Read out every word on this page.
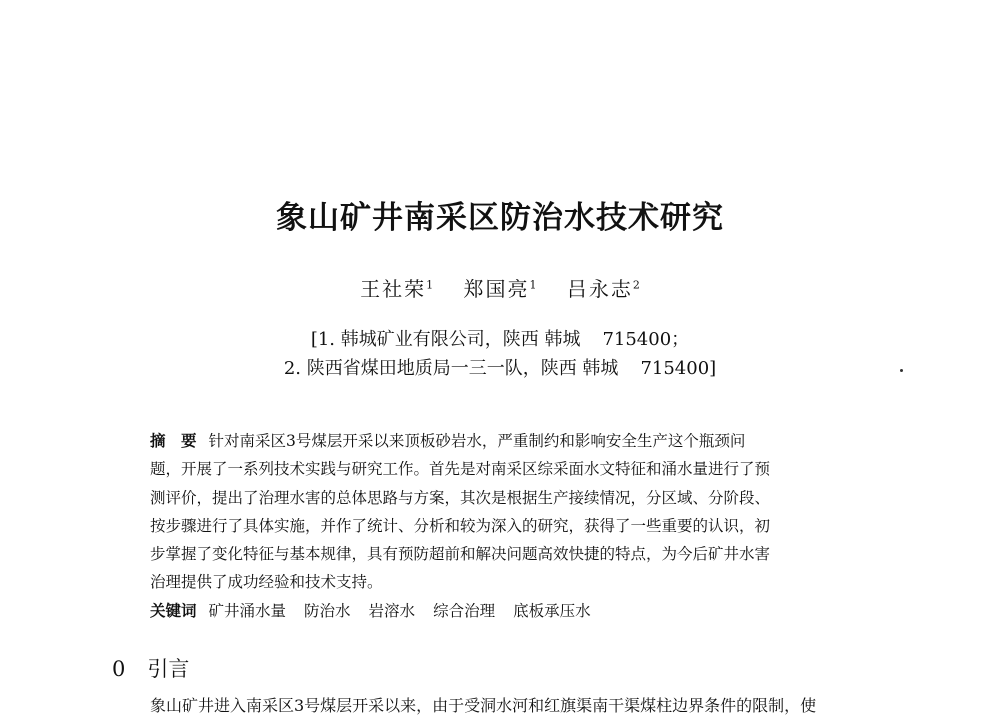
象山矿井南采区防治水技术研究
王社荣$^1$ 郑国亮$^1$ 吕永志$^2$
[1. 韩城矿业有限公司，陕西 韩城 715400；
2. 陕西省煤田地质局一三一队，陕西 韩城 715400]
摘　要 针对南采区3号煤层开采以来顶板砂岩水，严重制约和影响安全生产这个瓶颈问
题，开展了一系列技术实践与研究工作。首先是对南采区综采面水文特征和涌水量进行了预
测评价，提出了治理水害的总体思路与方案，其次是根据生产接续情况，分区域、分阶段、
按步骤进行了具体实施，并作了统计、分析和较为深入的研究，获得了一些重要的认识，初
步掌握了变化特征与基本规律，具有预防超前和解决问题高效快捷的特点，为今后矿井水害
治理提供了成功经验和技术支持。
关键词 矿井涌水量 防治水 岩溶水 综合治理 底板承压水
0 引言
象山矿井进入南采区3号煤层开采以来，由于受洞水河和红旗渠南干渠煤柱边界条件的限制，使
